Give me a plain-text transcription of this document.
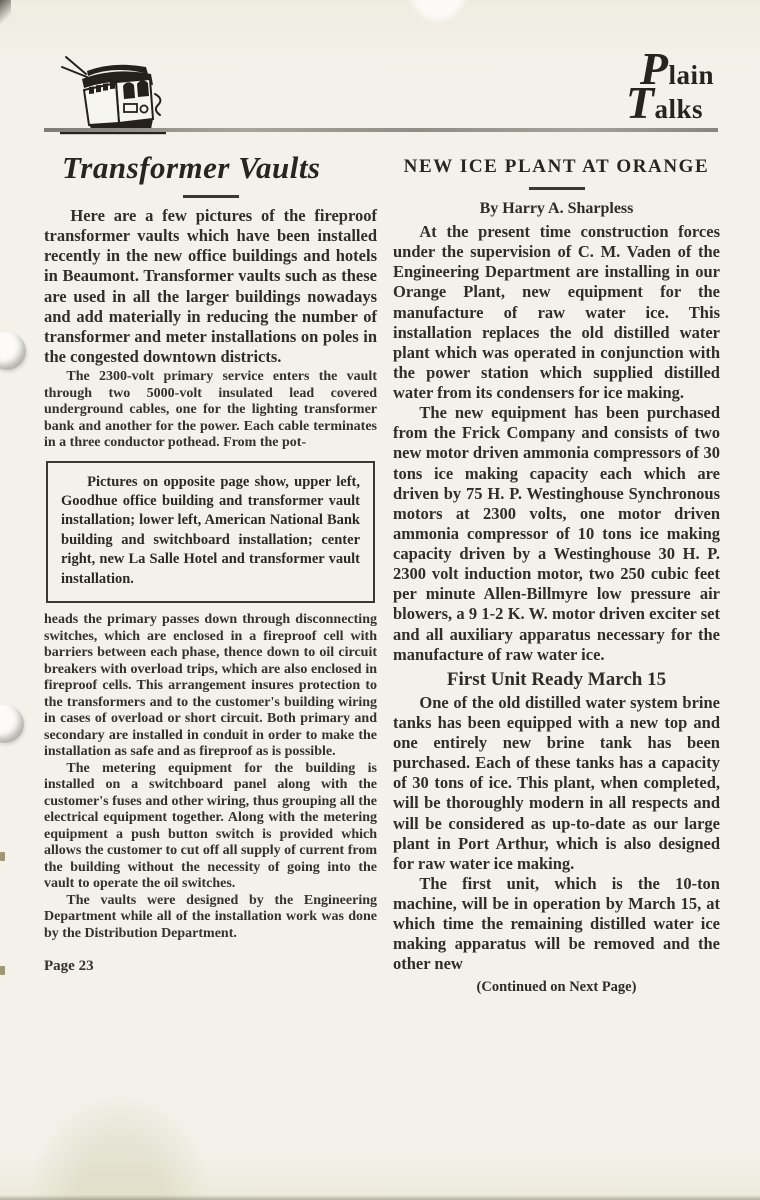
Plain
Talks
Transformer Vaults

Here are a few pictures of the fireproof transformer vaults which have been installed recently in the new office buildings and hotels in Beaumont. Transformer vaults such as these are used in all the larger buildings nowadays and add materially in reducing the number of transformer and meter installations on poles in the congested downtown districts.

The 2300-volt primary service enters the vault through two 5000-volt insulated lead covered underground cables, one for the lighting transformer bank and another for the power. Each cable terminates in a three conductor pothead. From the pot-

Pictures on opposite page show, upper left, Goodhue office building and transformer vault installation; lower left, American National Bank building and switchboard installation; center right, new La Salle Hotel and transformer vault installation.

heads the primary passes down through disconnecting switches, which are enclosed in a fireproof cell with barriers between each phase, thence down to oil circuit breakers with overload trips, which are also enclosed in fireproof cells. This arrangement insures protection to the transformers and to the customer's building wiring in cases of overload or short circuit. Both primary and secondary are installed in conduit in order to make the installation as safe and as fireproof as is possible.

The metering equipment for the building is installed on a switchboard panel along with the customer's fuses and other wiring, thus grouping all the electrical equipment together. Along with the metering equipment a push button switch is provided which allows the customer to cut off all supply of current from the building without the necessity of going into the vault to operate the oil switches.

The vaults were designed by the Engineering Department while all of the installation work was done by the Distribution Department.

Page 23
NEW ICE PLANT AT ORANGE
By Harry A. Sharpless

At the present time construction forces under the supervision of C. M. Vaden of the Engineering Department are installing in our Orange Plant, new equipment for the manufacture of raw water ice. This installation replaces the old distilled water plant which was operated in conjunction with the power station which supplied distilled water from its condensers for ice making.

The new equipment has been purchased from the Frick Company and consists of two new motor driven ammonia compressors of 30 tons ice making capacity each which are driven by 75 H. P. Westinghouse Synchronous motors at 2300 volts, one motor driven ammonia compressor of 10 tons ice making capacity driven by a Westinghouse 30 H. P. 2300 volt induction motor, two 250 cubic feet per minute Allen-Billmyre low pressure air blowers, a 9 1-2 K. W. motor driven exciter set and all auxiliary apparatus necessary for the manufacture of raw water ice.

First Unit Ready March 15

One of the old distilled water system brine tanks has been equipped with a new top and one entirely new brine tank has been purchased. Each of these tanks has a capacity of 30 tons of ice. This plant, when completed, will be thoroughly modern in all respects and will be considered as up-to-date as our large plant in Port Arthur, which is also designed for raw water ice making.

The first unit, which is the 10-ton machine, will be in operation by March 15, at which time the remaining distilled water ice making apparatus will be removed and the other new

(Continued on Next Page)
